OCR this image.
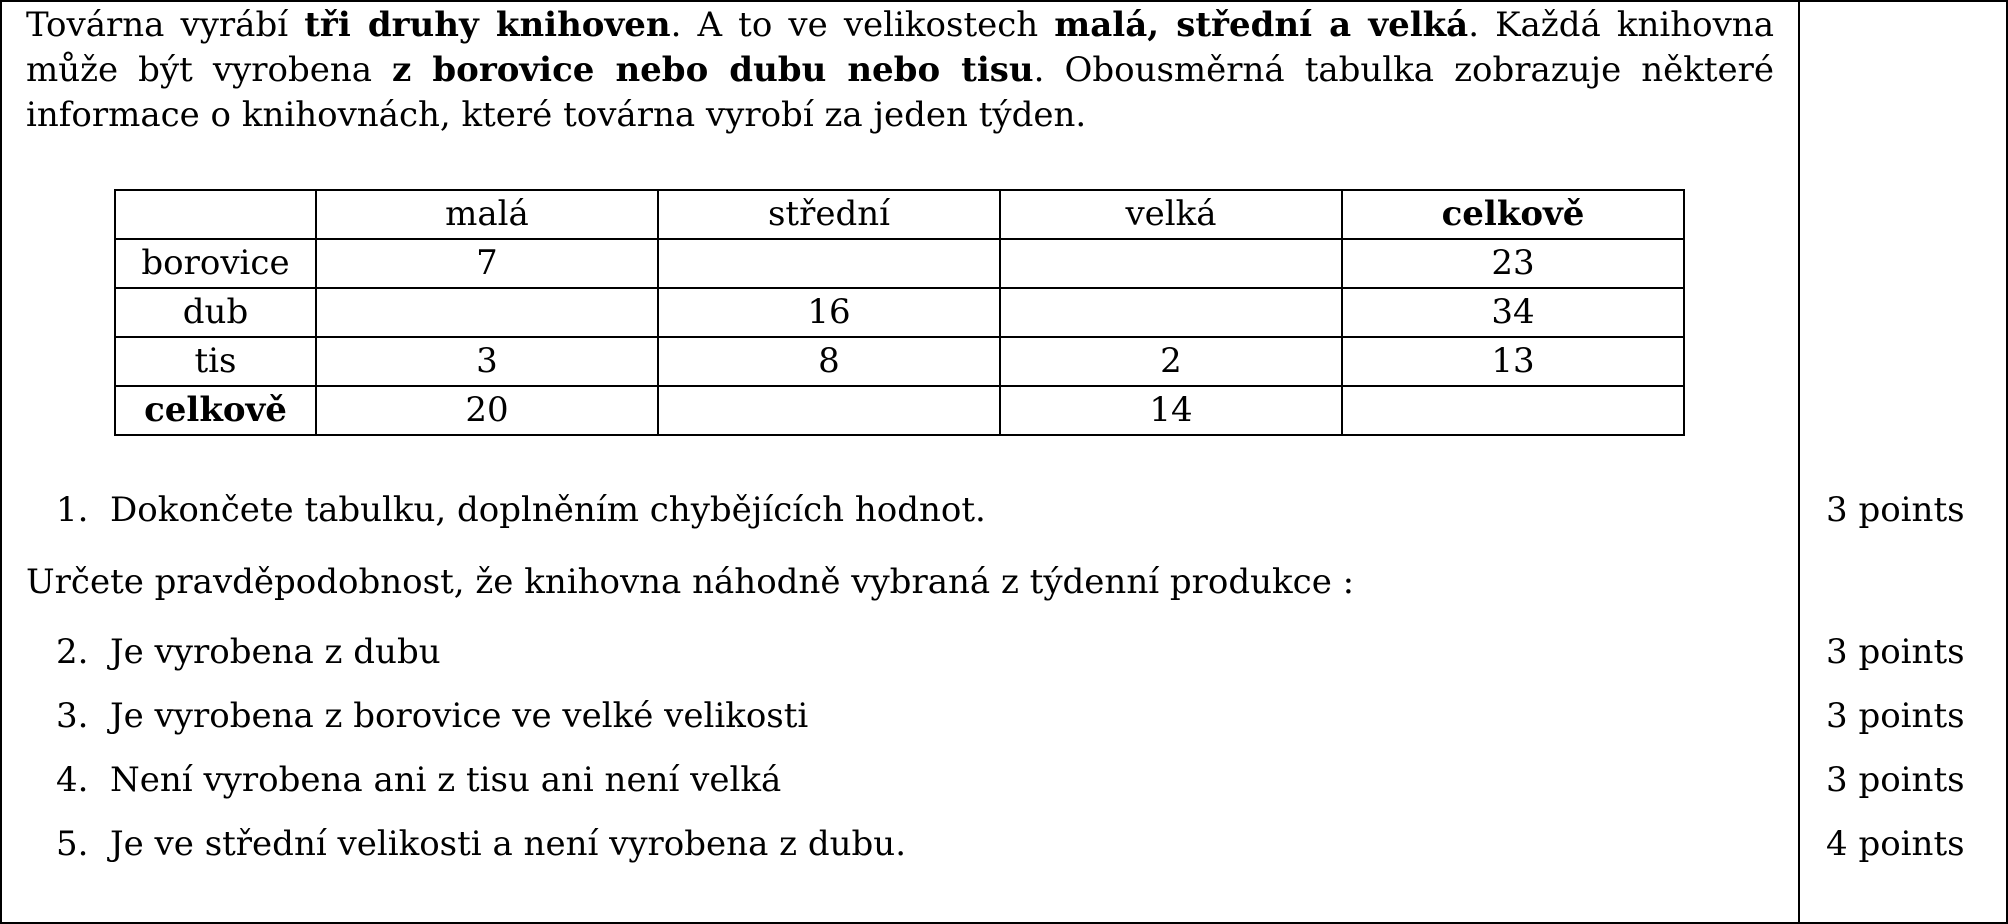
Továrna vyrábí tři druhy knihoven. A to ve velikostech malá, střední a velká. Každá knihovna může být vyrobena z borovice nebo dubu nebo tisu. Obousměrná tabulka zobrazuje některé informace o knihovnách, které továrna vyrobí za jeden týden.
	malá	střední	velká	celkově
borovice	7			23
dub		16		34
tis	3	8	2	13
celkově	20		14	
1. Dokončete tabulku, doplněním chybějících hodnot.	3 points
Určete pravděpodobnost, že knihovna náhodně vybraná z týdenní produkce :
2. Je vyrobena z dubu	3 points
3. Je vyrobena z borovice ve velké velikosti	3 points
4. Není vyrobena ani z tisu ani není velká	3 points
5. Je ve střední velikosti a není vyrobena z dubu.	4 points
